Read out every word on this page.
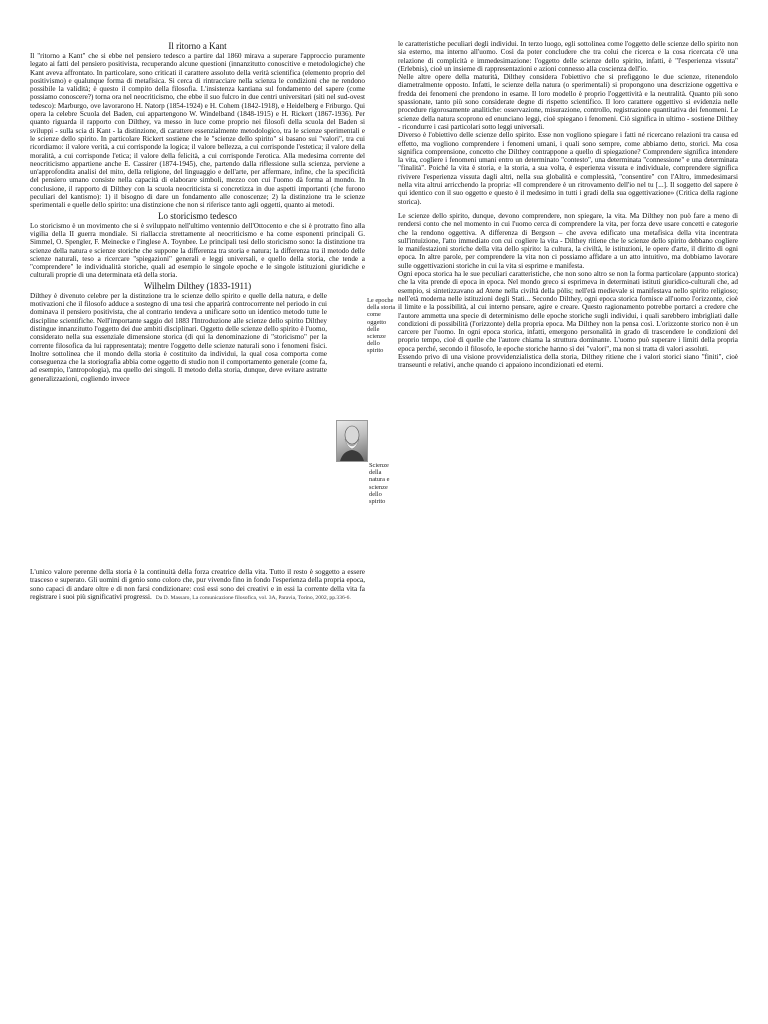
Il ritorno a Kant

Il "ritorno a Kant" che si ebbe nel pensiero tedesco a partire dal 1860 mirava a superare l'approccio puramente legato ai fatti del pensiero positivista, recuperando alcune questioni (innanzitutto conoscitive e metodologiche) che Kant aveva affrontato. In particolare, sono criticati il carattere assoluto della verità scientifica (elemento proprio del positivismo) e qualunque forma di metafisica. Si cerca di rintracciare nella scienza le condizioni che ne rendono possibile la validità; è questo il compito della filosofia. L'insistenza kantiana sul fondamento del sapere (come possiamo conoscere?) torna ora nel neocriticismo, che ebbe il suo fulcro in due centri universitari (siti nel sud-ovest tedesco): Marburgo, ove lavorarono H. Natorp (1854-1924) e H. Cohem (1842-1918), e Heidelberg e Friburgo. Qui opera la celebre Scuola del Baden, cui appartengono W. Windelband (1848-1915) e H. Rickert (1867-1936). Per quanto riguarda il rapporto con Dilthey, va messo in luce come proprio nei filosofi della scuola del Baden si sviluppi - sulla scia di Kant - la distinzione, di carattere essenzialmente metodologico, tra le scienze sperimentali e le scienze dello spirito. In particolare Rickert sostiene che le "scienze dello spirito" si basano sui "valori", tra cui ricordiamo: il valore verità, a cui corrisponde la logica; il valore bellezza, a cui corrisponde l'estetica; il valore della moralità, a cui corrisponde l'etica; il valore della felicità, a cui corrisponde l'erotica. Alla medesima corrente del neocriticismo appartiene anche E. Cassirer (1874-1945), che, partendo dalla riflessione sulla scienza, perviene a un'approfondita analisi del mito, della religione, del linguaggio e dell'arte, per affermare, infine, che la specificità del pensiero umano consiste nella capacità di elaborare simboli, mezzo con cui l'uomo dà forma al mondo. In conclusione, il rapporto di Dilthey con la scuola neocriticista si concretizza in due aspetti importanti (che furono peculiari del kantismo): 1) il bisogno di dare un fondamento alle conoscenze; 2) la distinzione tra le scienze sperimentali e quelle dello spirito: una distinzione che non si riferisce tanto agli oggetti, quanto ai metodi.

Lo storicismo tedesco

Lo storicismo è un movimento che si è sviluppato nell'ultimo ventennio dell'Ottocento e che si è protratto fino alla vigilia della II guerra mondiale. Si riallaccia strettamente al neocriticismo e ha come esponenti principali G. Simmel, O. Spengler, F. Meinecke e l'inglese A. Toynbee. Le principali tesi dello storicismo sono: la distinzione tra scienze della natura e scienze storiche che suppone la differenza tra storia e natura; la differenza tra il metodo delle scienze naturali, teso a ricercare "spiegazioni" generali e leggi universali, e quello della storia, che tende a "comprendere" le individualità storiche, quali ad esempio le singole epoche e le singole istituzioni giuridiche e culturali proprie di una determinata età della storia.

Wilhelm Dilthey (1833-1911)

Dilthey è divenuto celebre per la distinzione tra le scienze dello spirito e quelle della natura, e delle motivazioni che il filosofo adduce a sostegno di una tesi che apparirà controcorrente nel periodo in cui dominava il pensiero positivista, che al contrario tendeva a unificare sotto un identico metodo tutte le discipline scientifiche. Nell'importante saggio del 1883 l'Introduzione alle scienze dello spirito Dilthey distingue innanzitutto l'oggetto dei due ambiti disciplinari. Oggetto delle scienze dello spirito è l'uomo, considerato nella sua essenziale dimensione storica (di qui la denominazione di "storicismo" per la corrente filosofica da lui rappresentata); mentre l'oggetto delle scienze naturali sono i fenomeni fisici. Inoltre sottolinea che il mondo della storia è costituito da individui, la qual cosa comporta come conseguenza che la storiografia abbia come oggetto di studio non il comportamento generale (come fa, ad esempio, l'antropologia), ma quello dei singoli. Il metodo della storia, dunque, deve evitare astratte generalizzazioni, cogliendo invece

Le epoche della storia come oggetto delle scienze dello spirito
Scienze della natura e scienze dello spirito
L'unico valore perenne della storia è la continuità della forza creatrice della vita. Tutto il resto è soggetto a essere trasceso e superato. Gli uomini di genio sono coloro che, pur vivendo fino in fondo l'esperienza della propria epoca, sono capaci di andare oltre e di non farsi condizionare: così essi sono dei creativi e in essi la corrente della vita fa registrare i suoi più significativi progressi. Da D. Massaro, La comunicazione filosofica, vol. 3A, Paravia, Torino, 2002, pp.336-6.

le caratteristiche peculiari degli individui. In terzo luogo, egli sottolinea come l'oggetto delle scienze dello spirito non sia esterno, ma interno all'uomo. Così da poter concludere che tra colui che ricerca e la cosa ricercata c'è una relazione di complicità e immedesimazione: l'oggetto delle scienze dello spirito, infatti, è "l'esperienza vissuta" (Erlebnis), cioè un insieme di rappresentazioni e azioni connesso alla coscienza dell'io.

Nelle altre opere della maturità, Dilthey considera l'obiettivo che si prefiggono le due scienze, ritenendolo diametralmente opposto. Infatti, le scienze della natura (o sperimentali) si propongono una descrizione oggettiva e fredda dei fenomeni che prendono in esame. Il loro modello è proprio l'oggettività e la neutralità. Quanto più sono spassionate, tanto più sono considerate degne di rispetto scientifico. Il loro carattere oggettivo si evidenzia nelle procedure rigorosamente analitiche: osservazione, misurazione, controllo, registrazione quantitativa dei fenomeni. Le scienze della natura scoprono ed enunciano leggi, cioè spiegano i fenomeni. Ciò significa in ultimo - sostiene Dilthey - ricondurre i casi particolari sotto leggi universali.

Diverso è l'obiettivo delle scienze dello spirito. Esse non vogliono spiegare i fatti né ricercano relazioni tra causa ed effetto, ma vogliono comprendere i fenomeni umani, i quali sono sempre, come abbiamo detto, storici. Ma cosa significa comprensione, concetto che Dilthey contrappone a quello di spiegazione? Comprendere significa intendere la vita, cogliere i fenomeni umani entro un determinato "contesto", una determinata "connessione" e una determinata "finalità". Poiché la vita è storia, e la storia, a sua volta, è esperienza vissuta e individuale, comprendere significa rivivere l'esperienza vissuta dagli altri, nella sua globalità e complessità, "consentire" con l'Altro, immedesimarsi nella vita altrui arricchendo la propria: «Il comprendere è un ritrovamento dell'io nel tu [...]. Il soggetto del sapere è qui identico con il suo oggetto e questo è il medesimo in tutti i gradi della sua oggettivazione» (Critica della ragione storica).

Le scienze dello spirito, dunque, devono comprendere, non spiegare, la vita. Ma Dilthey non può fare a meno di rendersi conto che nel momento in cui l'uomo cerca di comprendere la vita, per forza deve usare concetti e categorie che la rendono oggettiva. A differenza di Bergson – che aveva edificato una metafisica della vita incentrata sull'intuizione, l'atto immediato con cui cogliere la vita - Dilthey ritiene che le scienze dello spirito debbano cogliere le manifestazioni storiche della vita dello spirito: la cultura, la civiltà, le istituzioni, le opere d'arte, il diritto di ogni epoca. In altre parole, per comprendere la vita non ci possiamo affidare a un atto intuitivo, ma dobbiamo lavorare sulle oggettivazioni storiche in cui la vita si esprime e manifesta.

Ogni epoca storica ha le sue peculiari caratteristiche, che non sono altro se non la forma particolare (appunto storica) che la vita prende di epoca in epoca. Nel mondo greco si esprimeva in determinati istituti giuridico-culturali che, ad esempio, si sintetizzavano ad Atene nella civiltà della pòlis; nell'età medievale si manifestava nello spirito religioso; nell'età moderna nelle istituzioni degli Stati... Secondo Dilthey, ogni epoca storica fornisce all'uomo l'orizzonte, cioè il limite e la possibilità, al cui interno pensare, agire e creare. Questo ragionamento potrebbe portarci a credere che l'autore ammetta una specie di determinismo delle epoche storiche sugli individui, i quali sarebbero imbrigliati dalle condizioni di possibilità (l'orizzonte) della propria epoca. Ma Dilthey non la pensa così. L'orizzonte storico non è un carcere per l'uomo. In ogni epoca storica, infatti, emergono personalità in grado di trascendere le condizioni del proprio tempo, cioè di quelle che l'autore chiama la struttura dominante. L'uomo può superare i limiti della propria epoca perché, secondo il filosofo, le epoche storiche hanno sì dei "valori", ma non si tratta di valori assoluti.

Essendo privo di una visione provvidenzialistica della storia, Dilthey ritiene che i valori storici siano "finiti", cioè transeunti e relativi, anche quando ci appaiono incondizionati ed eterni.
